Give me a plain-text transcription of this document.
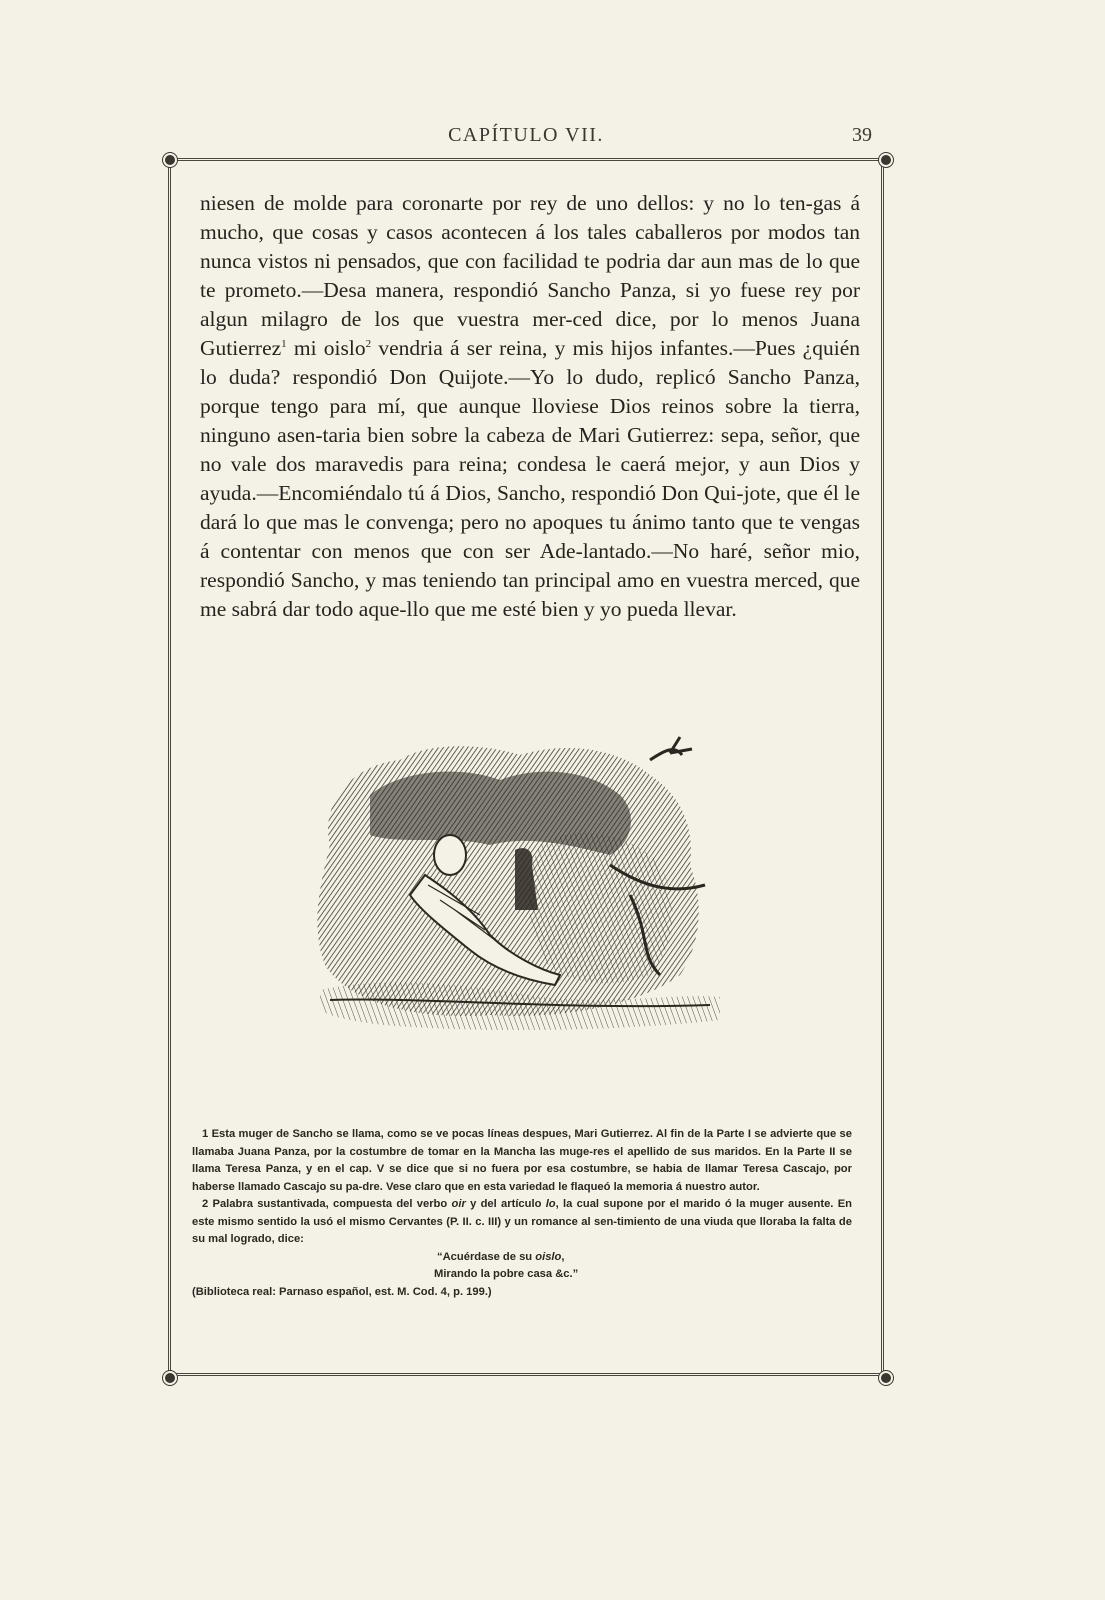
CAPÍTULO VII.	39

niesen de molde para coronarte por rey de uno dellos: y no lo ten-gas á mucho, que cosas y casos acontecen á los tales caballeros por modos tan nunca vistos ni pensados, que con facilidad te podria dar aun mas de lo que te prometo.—Desa manera, respondió Sancho Panza, si yo fuese rey por algun milagro de los que vuestra mer-ced dice, por lo menos Juana Gutierrez$^1$ mi oislo$^2$ vendria á ser reina, y mis hijos infantes.—Pues ¿quién lo duda? respondió Don Quijote.—Yo lo dudo, replicó Sancho Panza, porque tengo para mí, que aunque lloviese Dios reinos sobre la tierra, ninguno asen-taria bien sobre la cabeza de Mari Gutierrez: sepa, señor, que no vale dos maravedis para reina; condesa le caerá mejor, y aun Dios y ayuda.—Encomiéndalo tú á Dios, Sancho, respondió Don Qui-jote, que él le dará lo que mas le convenga; pero no apoques tu ánimo tanto que te vengas á contentar con menos que con ser Ade-lantado.—No haré, señor mio, respondió Sancho, y mas teniendo tan principal amo en vuestra merced, que me sabrá dar todo aque-llo que me esté bien y yo pueda llevar.

1 Esta muger de Sancho se llama, como se ve pocas líneas despues, Mari Gutierrez. Al fin de la Parte I se advierte que se llamaba Juana Panza, por la costumbre de tomar en la Mancha las muge-res el apellido de sus maridos. En la Parte II se llama Teresa Panza, y en el cap. V se dice que si no fuera por esa costumbre, se habia de llamar Teresa Cascajo, por haberse llamado Cascajo su pa-dre. Vese claro que en esta variedad le flaqueó la memoria á nuestro autor.

2 Palabra sustantivada, compuesta del verbo oir y del artículo lo, la cual supone por el marido ó la muger ausente. En este mismo sentido la usó el mismo Cervantes (P. II. c. III) y un romance al sen-timiento de una viuda que lloraba la falta de su mal logrado, dice:

“Acuérdase de su oislo,

Mirando la pobre casa &c.”

(Biblioteca real: Parnaso español, est. M. Cod. 4, p. 199.)
